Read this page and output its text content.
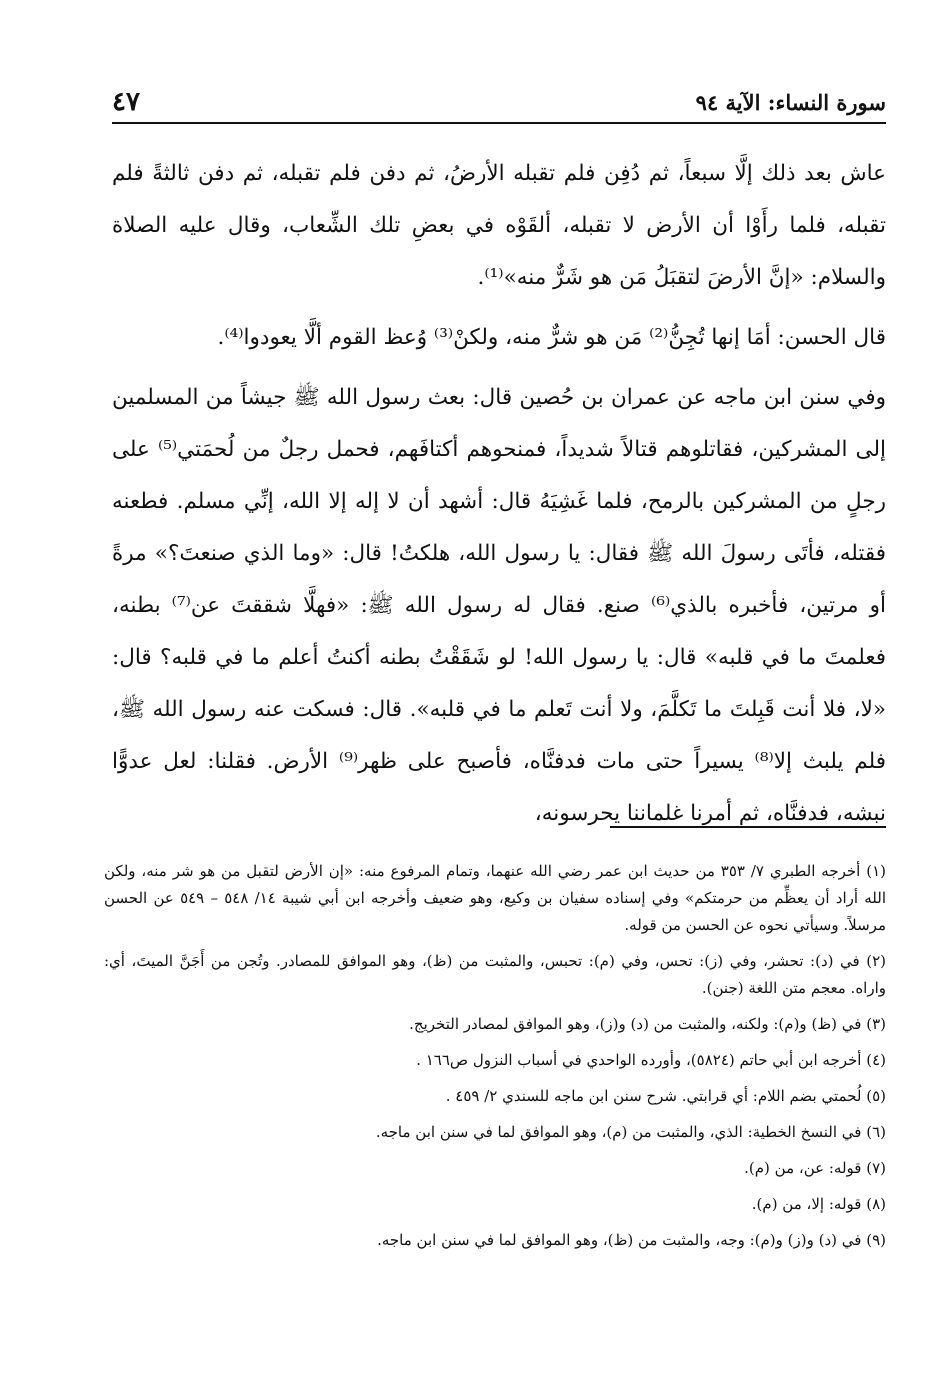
سورة النساء: الآية ٩٤
٤٧

عاش بعد ذلك إلَّا سبعاً، ثم دُفِن فلم تقبله الأرضُ، ثم دفن فلم تقبله، ثم دفن ثالثةً فلم تقبله، فلما رأَوْا أن الأرض لا تقبله، ألقَوْه في بعضِ تلك الشِّعاب، وقال عليه الصلاة والسلام: «إنَّ الأرضَ لتقبَلُ مَن هو شَرٌّ منه»⁽¹⁾.

قال الحسن: أمَا إنها تُجِنُّ⁽²⁾ مَن هو شرٌّ منه، ولكنْ⁽³⁾ وُعظ القوم ألَّا يعودوا⁽⁴⁾.

وفي سنن ابن ماجه عن عمران بن حُصين قال: بعث رسول الله ﷺ جيشاً من المسلمين إلى المشركين، فقاتلوهم قتالاً شديداً، فمنحوهم أكتافَهم، فحمل رجلٌ من لُحمَتي⁽⁵⁾ على رجلٍ من المشركين بالرمح، فلما غَشِيَهُ قال: أشهد أن لا إله إلا الله، إنِّي مسلم. فطعنه فقتله، فأتَى رسولَ الله ﷺ فقال: يا رسول الله، هلكتُ! قال: «وما الذي صنعتَ؟» مرةً أو مرتين، فأخبره بالذي⁽⁶⁾ صنع. فقال له رسول الله ﷺ: «فهلَّا شققتَ عن⁽⁷⁾ بطنه، فعلمتَ ما في قلبه» قال: يا رسول الله! لو شَقَقْتُ بطنه أكنتُ أعلم ما في قلبه؟ قال: «لا، فلا أنت قَبِلتَ ما تَكلَّمَ، ولا أنت تَعلم ما في قلبه». قال: فسكت عنه رسول الله ﷺ، فلم يلبث إلا⁽⁸⁾ يسيراً حتى مات فدفنَّاه، فأصبح على ظهر⁽⁹⁾ الأرض. فقلنا: لعل عدوًّا نبشه، فدفنَّاه، ثم أمرنا غلماننا يحرسونه،

(١) أخرجه الطبري ٧/ ٣٥٣ من حديث ابن عمر رضي الله عنهما، وتمام المرفوع منه: «إن الأرض لتقبل من هو شر منه، ولكن الله أراد أن يعظِّم من حرمتكم» وفي إسناده سفيان بن وكيع، وهو ضعيف وأخرجه ابن أبي شيبة ١٤/ ٥٤٨ – ٥٤٩ عن الحسن مرسلاً. وسيأتي نحوه عن الحسن من قوله.
(٢) في (د): تحشر، وفي (ز): تحس، وفي (م): تحبس، والمثبت من (ظ)، وهو الموافق للمصادر. وتُجن من أَجَنَّ الميتَ، أي: واراه. معجم متن اللغة (جنن).
(٣) في (ظ) و(م): ولكنه، والمثبت من (د) و(ز)، وهو الموافق لمصادر التخريج.
(٤) أخرجه ابن أبي حاتم (٥٨٢٤)، وأورده الواحدي في أسباب النزول ص١٦٦ .
(٥) لُحمتي بضم اللام: أي قرابتي. شرح سنن ابن ماجه للسندي ٢/ ٤٥٩ .
(٦) في النسخ الخطية: الذي، والمثبت من (م)، وهو الموافق لما في سنن ابن ماجه.
(٧) قوله: عن، من (م).
(٨) قوله: إلا، من (م).
(٩) في (د) و(ز) و(م): وجه، والمثبت من (ظ)، وهو الموافق لما في سنن ابن ماجه.
